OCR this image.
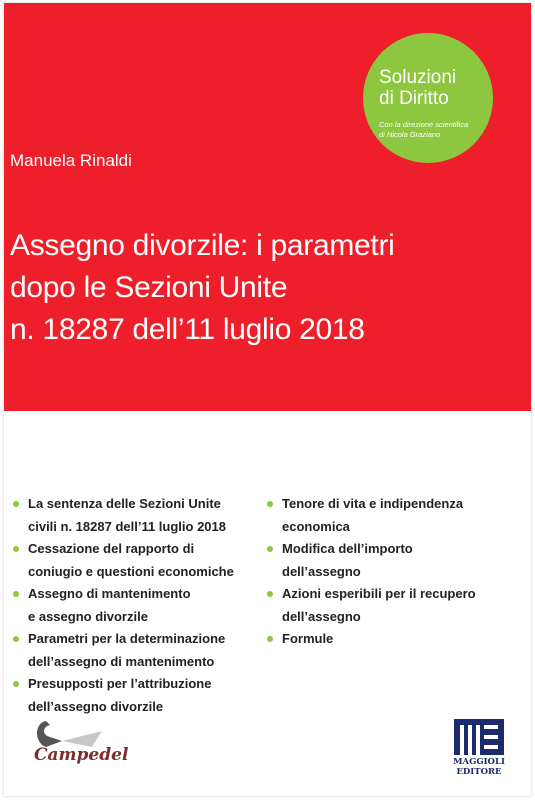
Manuela Rinaldi
Soluzioni
di Diritto
Con la direzione scientifica
di Nicola Graziano
Assegno divorzile: i parametri
dopo le Sezioni Unite
n. 18287 dell’11 luglio 2018
La sentenza delle Sezioni Unite
civili n. 18287 dell’11 luglio 2018
Cessazione del rapporto di
coniugio e questioni economiche
Assegno di mantenimento
e assegno divorzile
Parametri per la determinazione
dell’assegno di mantenimento
Presupposti per l’attribuzione
dell’assegno divorzile
Tenore di vita e indipendenza
economica
Modifica dell’importo
dell’assegno
Azioni esperibili per il recupero
dell’assegno
Formule
Campedel	MAGGIOLI
EDITORE
